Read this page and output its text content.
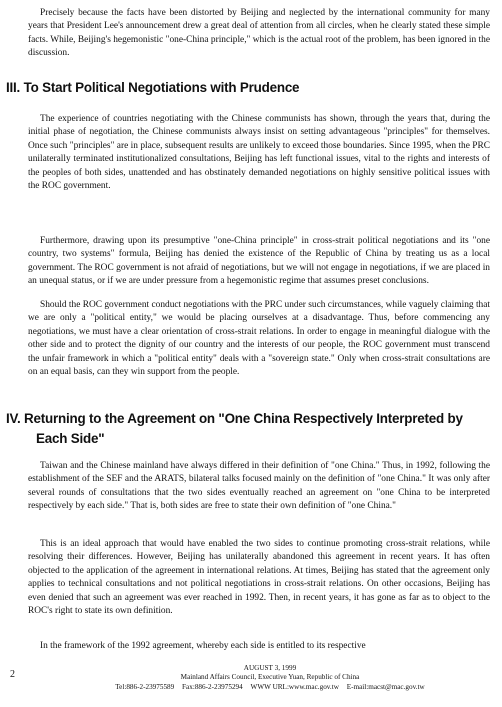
Precisely because the facts have been distorted by Beijing and neglected by the international community for many years that President Lee's announcement drew a great deal of attention from all circles, when he clearly stated these simple facts. While, Beijing's hegemonistic "one-China principle," which is the actual root of the problem, has been ignored in the discussion.

III. To Start Political Negotiations with Prudence

The experience of countries negotiating with the Chinese communists has shown, through the years that, during the initial phase of negotiation, the Chinese communists always insist on setting advantageous "principles" for themselves. Once such "principles" are in place, subsequent results are unlikely to exceed those boundaries. Since 1995, when the PRC unilaterally terminated institutionalized consultations, Beijing has left functional issues, vital to the rights and interests of the peoples of both sides, unattended and has obstinately demanded negotiations on highly sensitive political issues with the ROC government.

Furthermore, drawing upon its presumptive "one-China principle" in cross-strait political negotiations and its "one country, two systems" formula, Beijing has denied the existence of the Republic of China by treating us as a local government. The ROC government is not afraid of negotiations, but we will not engage in negotiations, if we are placed in an unequal status, or if we are under pressure from a hegemonistic regime that assumes preset conclusions.

Should the ROC government conduct negotiations with the PRC under such circumstances, while vaguely claiming that we are only a "political entity," we would be placing ourselves at a disadvantage. Thus, before commencing any negotiations, we must have a clear orientation of cross-strait relations. In order to engage in meaningful dialogue with the other side and to protect the dignity of our country and the interests of our people, the ROC government must transcend the unfair framework in which a "political entity" deals with a "sovereign state." Only when cross-strait consultations are on an equal basis, can they win support from the people.

IV. Returning to the Agreement on "One China Respectively Interpreted by
Each Side"

Taiwan and the Chinese mainland have always differed in their definition of "one China." Thus, in 1992, following the establishment of the SEF and the ARATS, bilateral talks focused mainly on the definition of "one China." It was only after several rounds of consultations that the two sides eventually reached an agreement on "one China to be interpreted respectively by each side." That is, both sides are free to state their own definition of "one China."

This is an ideal approach that would have enabled the two sides to continue promoting cross-strait relations, while resolving their differences. However, Beijing has unilaterally abandoned this agreement in recent years. It has often objected to the application of the agreement in international relations. At times, Beijing has stated that the agreement only applies to technical consultations and not political negotiations in cross-strait relations. On other occasions, Beijing has even denied that such an agreement was ever reached in 1992. Then, in recent years, it has gone as far as to object to the ROC's right to state its own definition.

In the framework of the 1992 agreement, whereby each side is entitled to its respective

2

AUGUST 3, 1999
Mainland Affairs Council, Executive Yuan, Republic of China
Tel:886-2-23975589 Fax:886-2-23975294 WWW URL:www.mac.gov.tw E-mail:macst@mac.gov.tw
